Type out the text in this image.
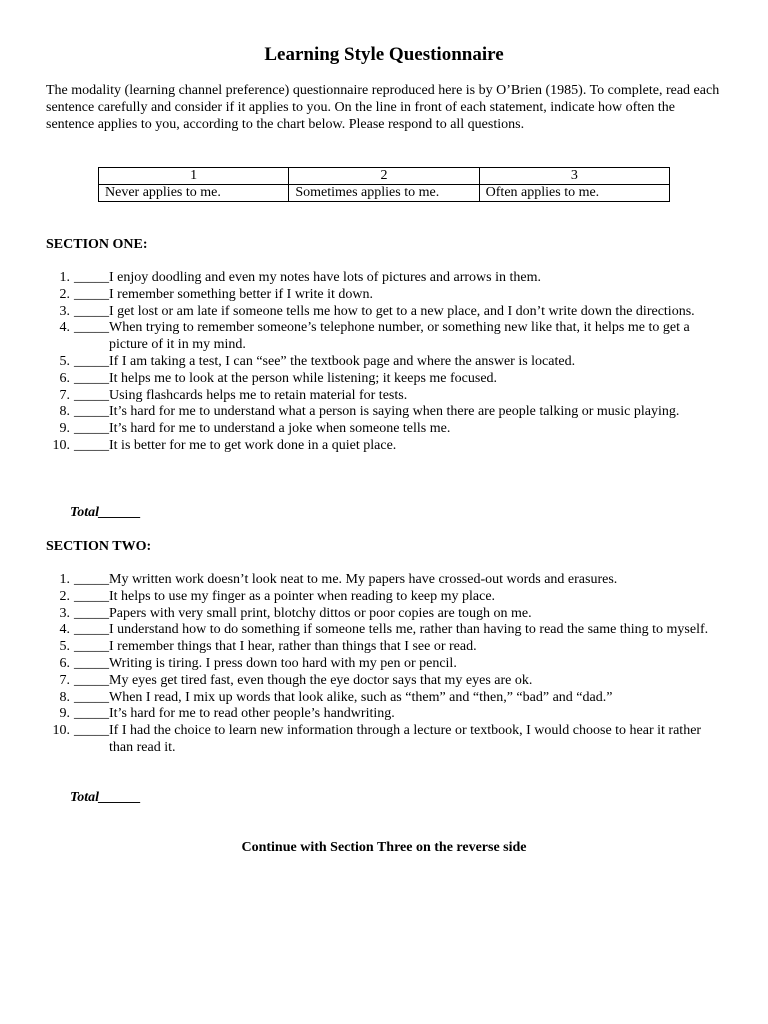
Learning Style Questionnaire
The modality (learning channel preference) questionnaire reproduced here is by O’Brien (1985). To complete, read each sentence carefully and consider if it applies to you. On the line in front of each statement, indicate how often the sentence applies to you, according to the chart below. Please respond to all questions.
1	2	3
Never applies to me.	Sometimes applies to me.	Often applies to me.
SECTION ONE:
1. _____ I enjoy doodling and even my notes have lots of pictures and arrows in them.
2. _____ I remember something better if I write it down.
3. _____ I get lost or am late if someone tells me how to get to a new place, and I don’t write down the directions.
4. _____ When trying to remember someone’s telephone number, or something new like that, it helps me to get a picture of it in my mind.
5. _____ If I am taking a test, I can “see” the textbook page and where the answer is located.
6. _____ It helps me to look at the person while listening; it keeps me focused.
7. _____ Using flashcards helps me to retain material for tests.
8. _____ It’s hard for me to understand what a person is saying when there are people talking or music playing.
9. _____ It’s hard for me to understand a joke when someone tells me.
10. _____ It is better for me to get work done in a quiet place.
Total______
SECTION TWO:
1. _____ My written work doesn’t look neat to me. My papers have crossed-out words and erasures.
2. _____ It helps to use my finger as a pointer when reading to keep my place.
3. _____ Papers with very small print, blotchy dittos or poor copies are tough on me.
4. _____ I understand how to do something if someone tells me, rather than having to read the same thing to myself.
5. _____ I remember things that I hear, rather than things that I see or read.
6. _____ Writing is tiring. I press down too hard with my pen or pencil.
7. _____ My eyes get tired fast, even though the eye doctor says that my eyes are ok.
8. _____ When I read, I mix up words that look alike, such as “them” and “then,” “bad” and “dad.”
9. _____ It’s hard for me to read other people’s handwriting.
10. _____ If I had the choice to learn new information through a lecture or textbook, I would choose to hear it rather than read it.
Total______
Continue with Section Three on the reverse side
